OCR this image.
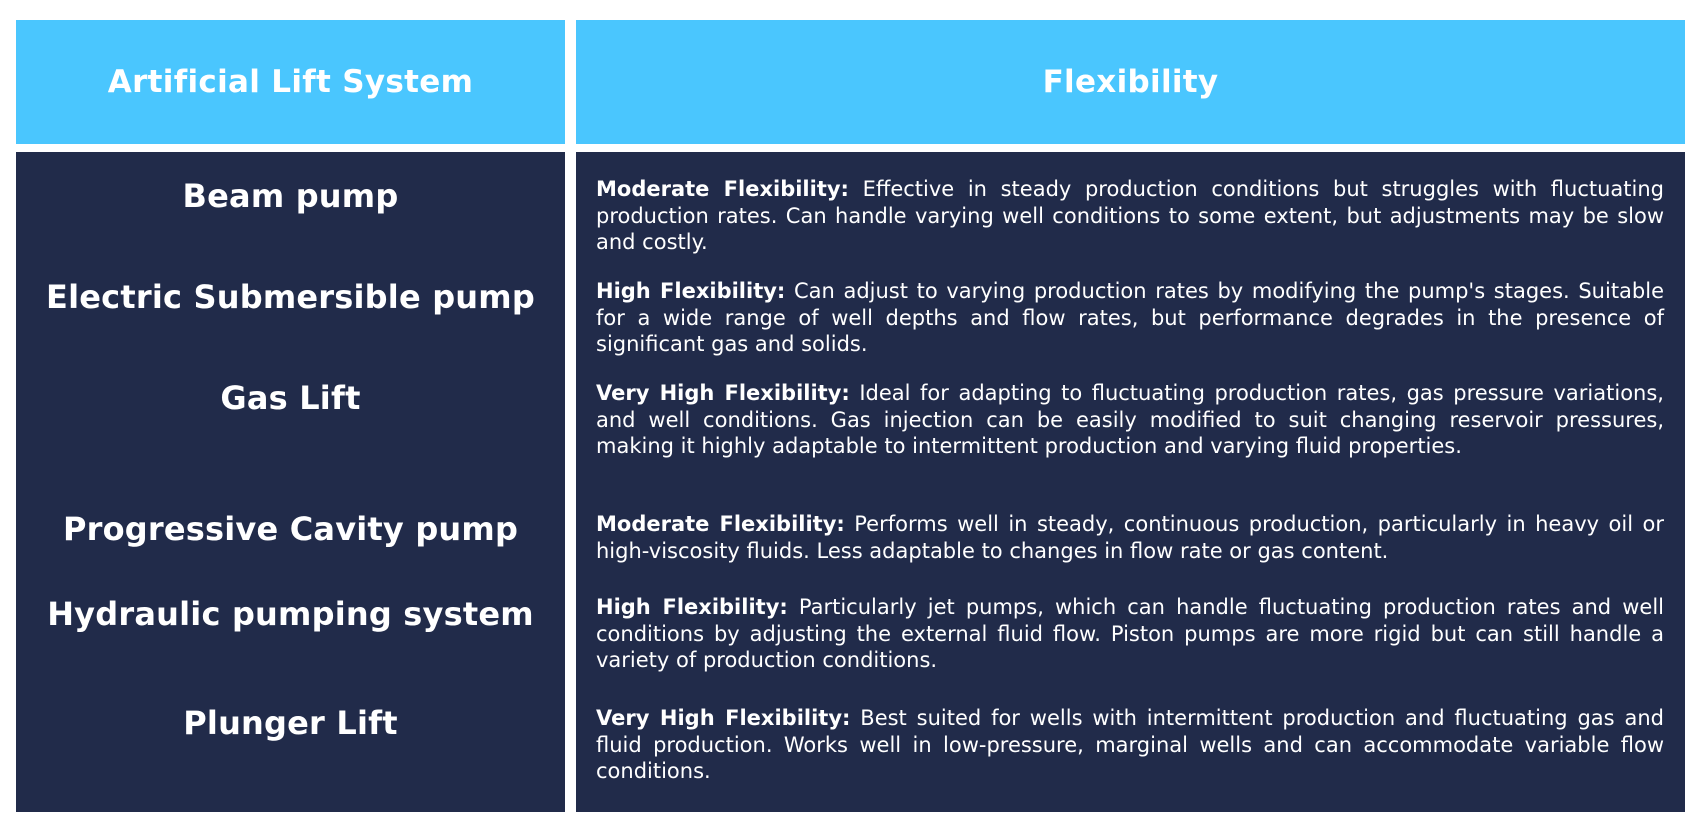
Artificial Lift System	Flexibility
Beam pump	Moderate Flexibility: Effective in steady production conditions but struggles with fluctuating production rates. Can handle varying well conditions to some extent, but adjustments may be slow and costly.
Electric Submersible pump	High Flexibility: Can adjust to varying production rates by modifying the pump's stages. Suitable for a wide range of well depths and flow rates, but performance degrades in the presence of significant gas and solids.
Gas Lift	Very High Flexibility: Ideal for adapting to fluctuating production rates, gas pressure variations, and well conditions. Gas injection can be easily modified to suit changing reservoir pressures, making it highly adaptable to intermittent production and varying fluid properties.
Progressive Cavity pump	Moderate Flexibility: Performs well in steady, continuous production, particularly in heavy oil or high-viscosity fluids. Less adaptable to changes in flow rate or gas content.
Hydraulic pumping system	High Flexibility: Particularly jet pumps, which can handle fluctuating production rates and well conditions by adjusting the external fluid flow. Piston pumps are more rigid but can still handle a variety of production conditions.
Plunger Lift	Very High Flexibility: Best suited for wells with intermittent production and fluctuating gas and fluid production. Works well in low-pressure, marginal wells and can accommodate variable flow conditions.
